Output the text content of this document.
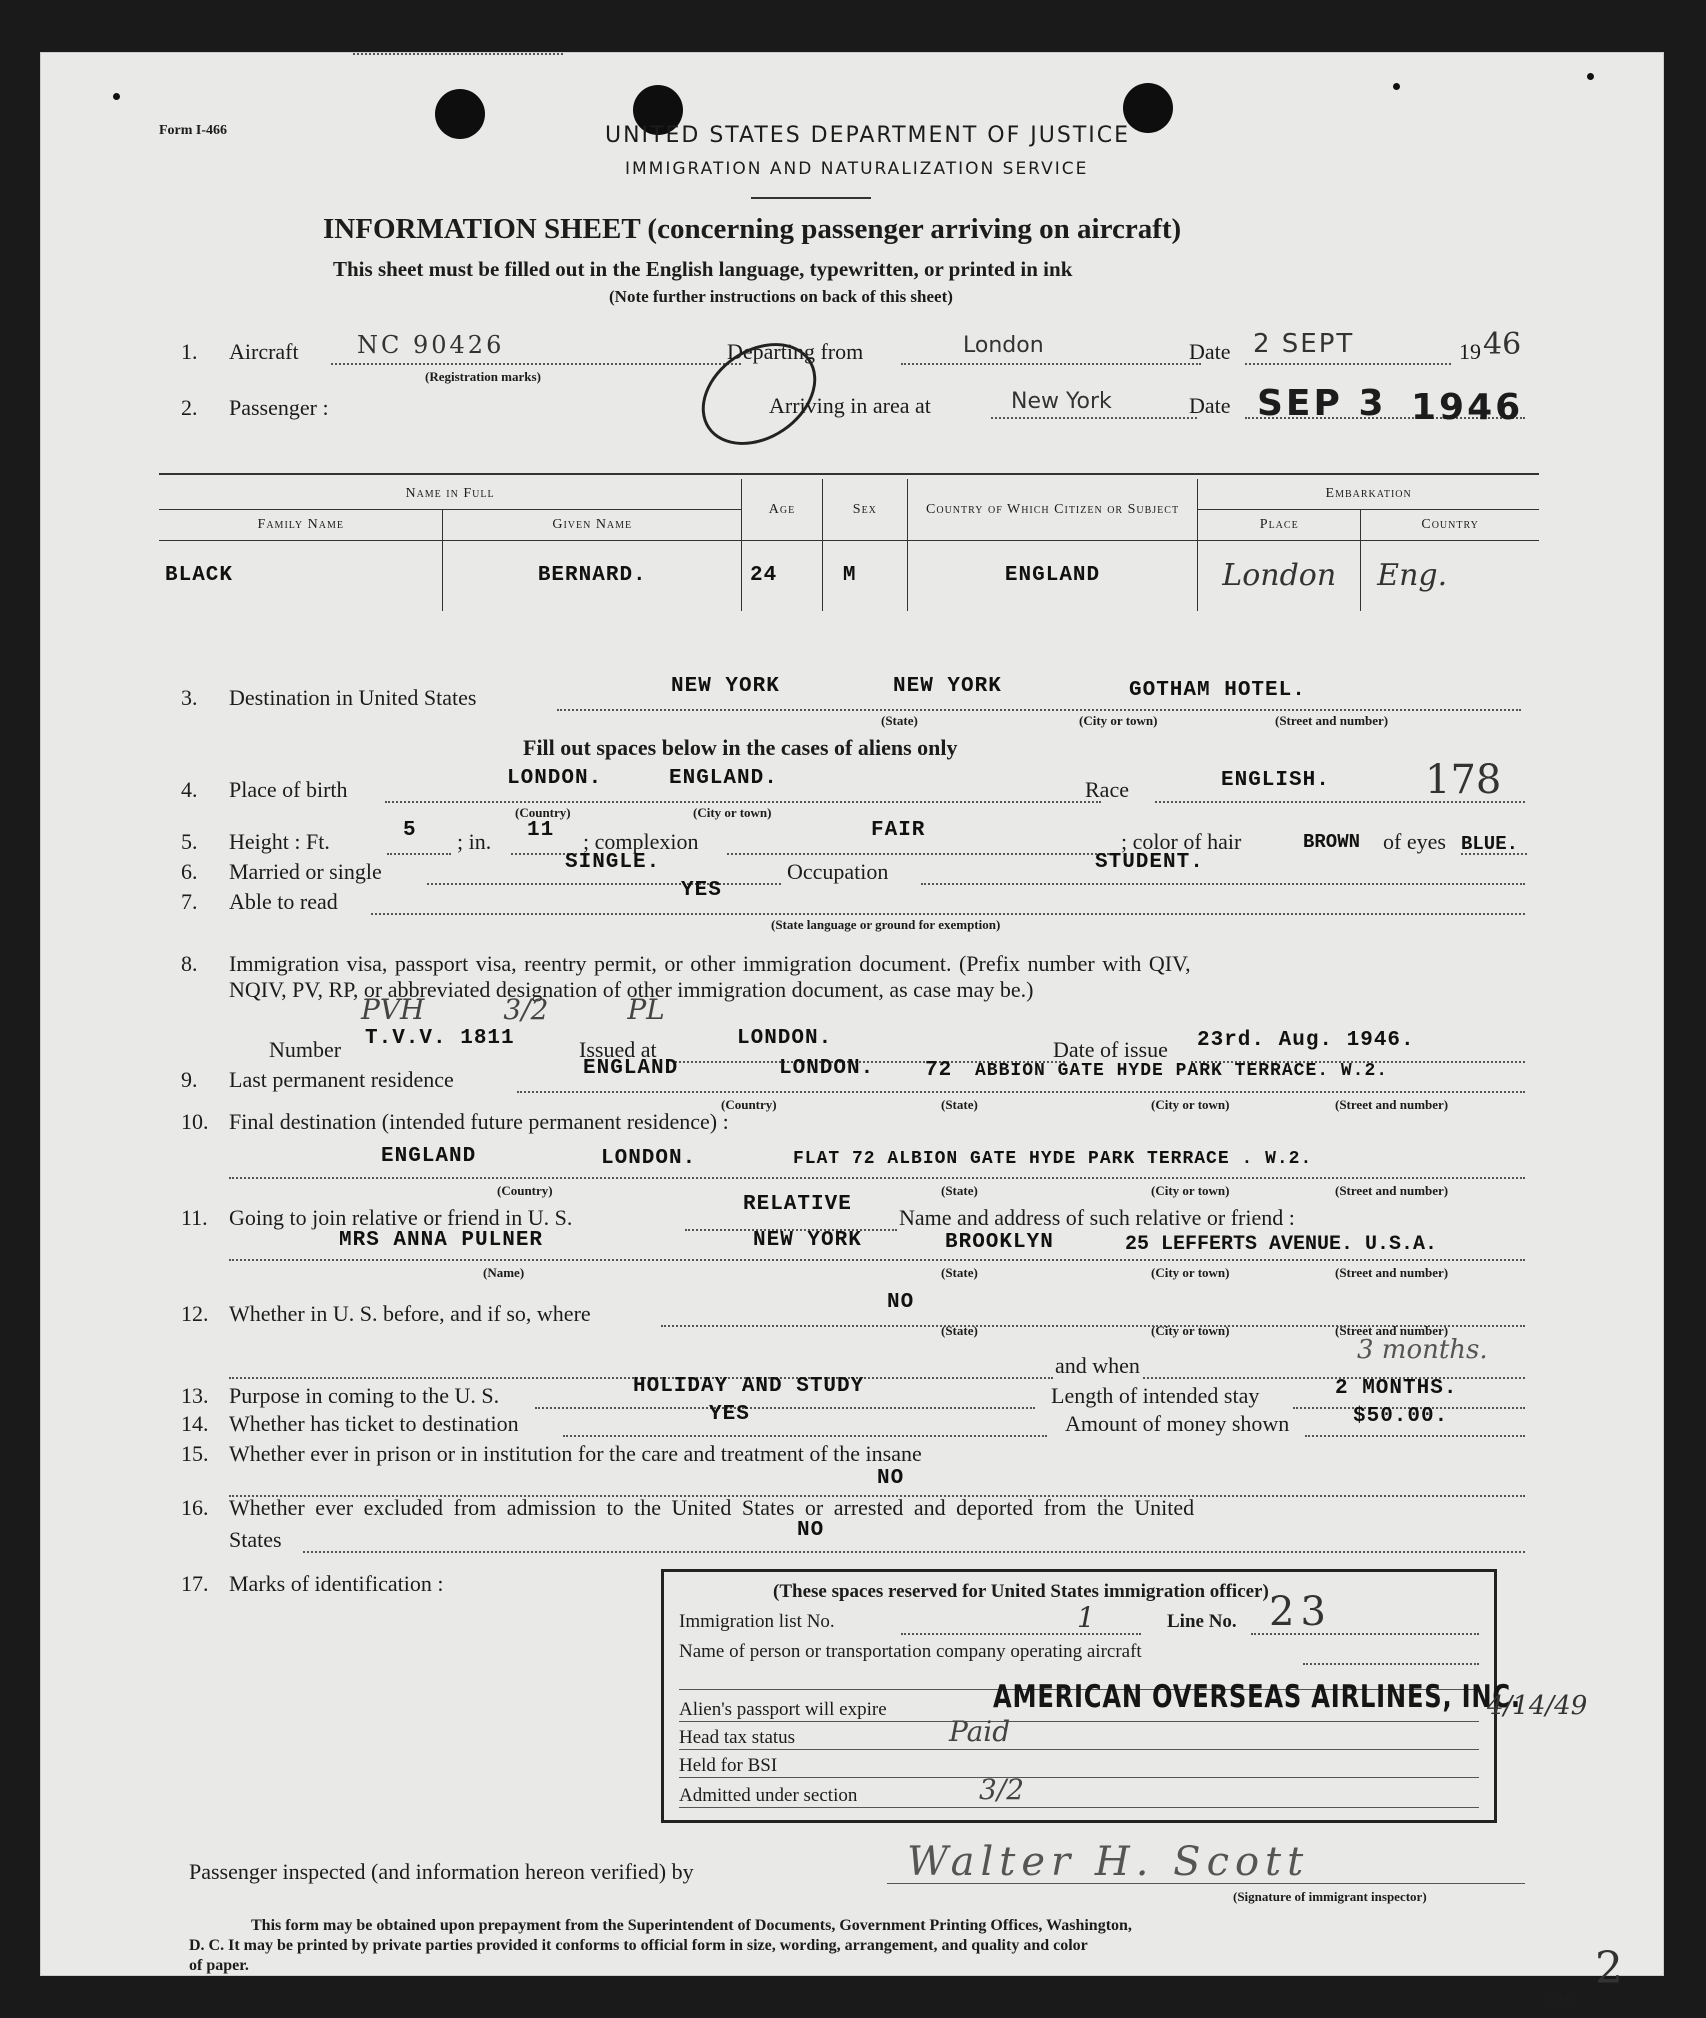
Form I-466	UNITED STATES DEPARTMENT OF JUSTICE
IMMIGRATION AND NATURALIZATION SERVICE
INFORMATION SHEET (concerning passenger arriving on aircraft)
This sheet must be filled out in the English language, typewritten, or printed in ink
(Note further instructions on back of this sheet)
1. Aircraft NC 90426
(Registration marks)
Departing from	London	Date 2 SEPT	19 46
2. Passenger :	Arriving in area at	New York	Date SEP 3 1946
Name in Full		Age	Sex	Country of Which Citizen or Subject	Embarkation	
Family Name	Given Name				Place	Country
BLACK	BERNARD.	24	M	ENGLAND	London	Eng.
3. Destination in United States	NEW YORK	NEW YORK	GOTHAM HOTEL.
(State)	(City or town)	(Street and number)
Fill out spaces below in the cases of aliens only
4. Place of birth	LONDON.	ENGLAND.
(Country)	(City or town)
Race	ENGLISH. 178
5. Height : Ft.	5 ; in. 11 ; complexion	FAIR	; color of hair	BROWN of eyes BLUE.
6. Married or single	SINGLE.	Occupation	STUDENT.
7. Able to read	YES
(State language or ground for exemption)
8. Immigration visa, passport visa, reentry permit, or other immigration document. (Prefix number with QIV,
NQIV, PV, RP, or abbreviated designation of other immigration document, as case may be.)
PVH 3/2 PL
Number T.V.V. 1811	Issued at	LONDON.	Date of issue 23rd. Aug. 1946.
9. Last permanent residence	ENGLAND	LONDON. 72 ABBION GATE HYDE PARK TERRACE. W.2.
(Country)	(State)	(City or town)	(Street and number)
10. Final destination (intended future permanent residence) :
ENGLAND	LONDON.	FLAT 72 ALBION GATE HYDE PARK TERRACE . W.2.
(Country)	(State)	(City or town)	(Street and number)
11. Going to join relative or friend in U. S.
RELATIVE
Name and address of such relative or friend :
MRS ANNA PULNER	NEW YORK	BROOKLYN	25 LEFFERTS AVENUE. U.S.A.
(Name)	(State)	(City or town)	(Street and number)
12. Whether in U. S. before, and if so, where	NO
(State)	(City or town)	(Street and number)
and when
3 months.
13. Purpose in coming to the U. S.	HOLIDAY AND STUDY	Length of intended stay	2 MONTHS.
14. Whether has ticket to destination	YES	Amount of money shown	$50.00.
15. Whether ever in prison or in institution for the care and treatment of the insane
NO
16. Whether ever excluded from admission to the United States or arrested and deported from the United
States	NO
17. Marks of identification :	(These spaces reserved for United States immigration officer)
Immigration list No.	1	Line No. 23
Name of person or transportation company operating aircraft
Alien's passport will expire	AMERICAN OVERSEAS AIRLINES, INC.
4/14/49
Head tax status	Paid
Held for BSI
Admitted under section	3/2
Passenger inspected (and information hereon verified) by	Walter H. Scott
(Signature of immigrant inspector)
This form may be obtained upon prepayment from the Superintendent of Documents, Government Printing Offices, Washington,
D. C. It may be printed by private parties provided it conforms to official form in size, wording, arrangement, and quality and color
of paper.	2
HJ&AL
